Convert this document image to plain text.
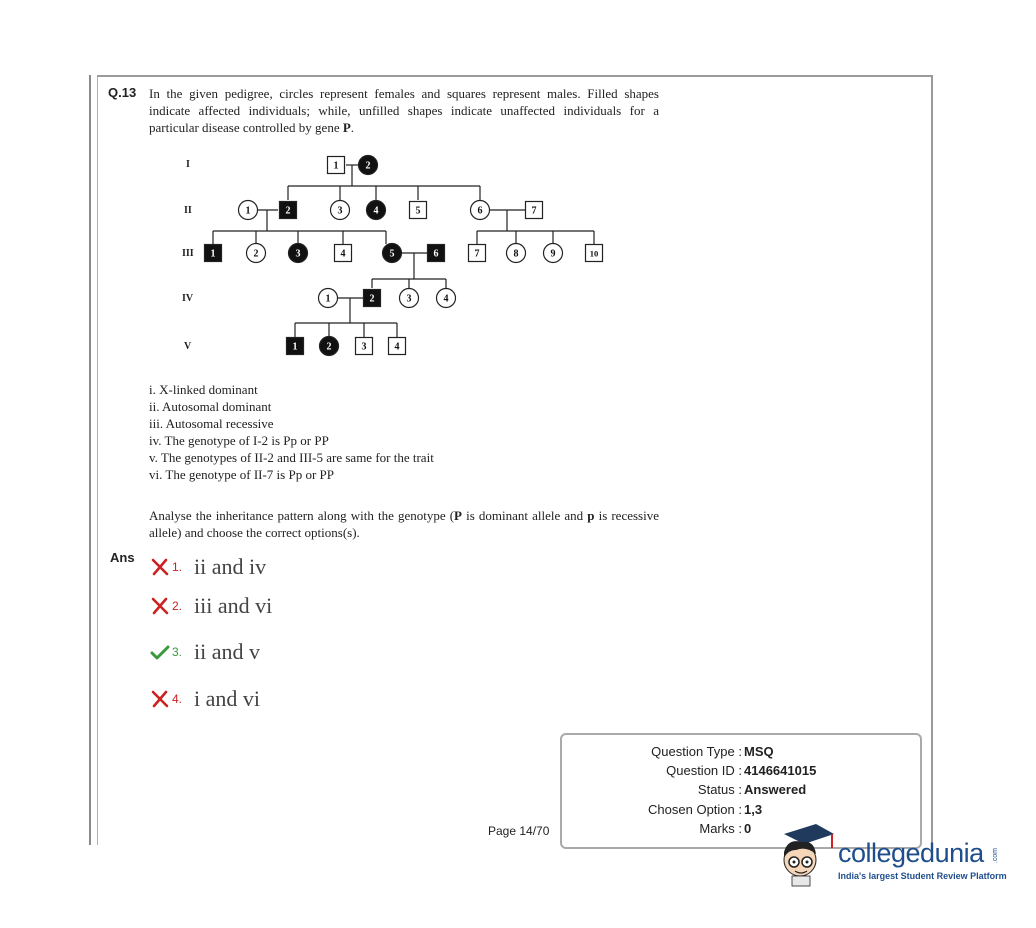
Q.13 In the given pedigree, circles represent females and squares represent males. Filled shapes indicate affected individuals; while, unfilled shapes indicate unaffected individuals for a particular disease controlled by gene P.
I
II
III
IV
V
1	2
1	2	3	4	5	6	7
1	2	3	4	5	6	7	8	9	10
1	2	3	4
1	2	3	4
i. X-linked dominant
ii. Autosomal dominant
iii. Autosomal recessive
iv. The genotype of I-2 is Pp or PP
v. The genotypes of II-2 and III-5 are same for the trait
vi. The genotype of II-7 is Pp or PP
Analyse the inheritance pattern along with the genotype (P is dominant allele and p is recessive allele) and choose the correct options(s).
Ans
1. ii and iv
2. iii and vi
3. ii and v
4. i and vi
Question Type : MSQ
Question ID : 4146641015
Status : Answered
Chosen Option : 1,3
Marks : 0
Page 14/70
collegedunia .com
India's largest Student Review Platform
